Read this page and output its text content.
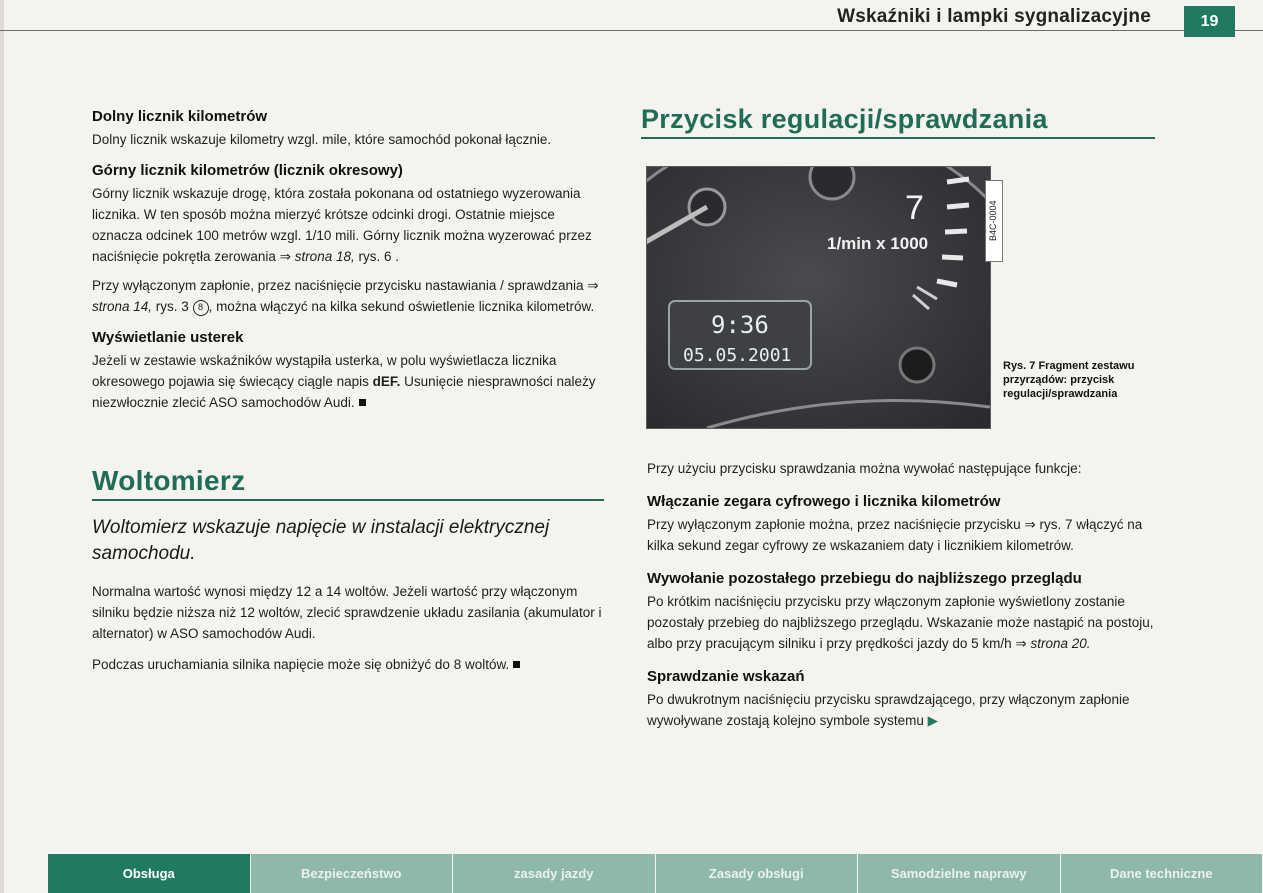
Wskaźniki i lampki sygnalizacyjne	19
Dolny licznik kilometrów

Dolny licznik wskazuje kilometry wzgl. mile, które samochód pokonał łącznie.

Górny licznik kilometrów (licznik okresowy)

Górny licznik wskazuje drogę, która została pokonana od ostatniego wyzerowania licznika. W ten sposób można mierzyć krótsze odcinki drogi. Ostatnie miejsce oznacza odcinek 100 metrów wzgl. 1/10 mili. Górny licznik można wyzerować przez naciśnięcie pokrętła zerowania ⇒ strona 18, rys. 6 .

Przy wyłączonym zapłonie, przez naciśnięcie przycisku nastawiania / sprawdzania ⇒ strona 14, rys. 3 8 , można włączyć na kilka sekund oświetlenie licznika kilometrów.

Wyświetlanie usterek

Jeżeli w zestawie wskaźników wystąpiła usterka, w polu wyświetlacza licznika okresowego pojawia się świecący ciągle napis dEF. Usunięcie niesprawności należy niezwłocznie zlecić ASO samochodów Audi.

Woltomierz
Woltomierz wskazuje napięcie w instalacji elektrycznej samochodu.

Normalna wartość wynosi między 12 a 14 woltów. Jeżeli wartość przy włączonym silniku będzie niższa niż 12 woltów, zlecić sprawdzenie układu zasilania (akumulator i alternator) w ASO samochodów Audi.

Podczas uruchamiania silnika napięcie może się obniżyć do 8 woltów.

Przycisk regulacji/sprawdzania
7
1/min x 1000
9:36
05.05.2001
B4C-0004
Rys. 7 Fragment zestawu przyrządów: przycisk regulacji/sprawdzania

Przy użyciu przycisku sprawdzania można wywołać następujące funkcje:

Włączanie zegara cyfrowego i licznika kilometrów

Przy wyłączonym zapłonie można, przez naciśnięcie przycisku ⇒ rys. 7 włączyć na kilka sekund zegar cyfrowy ze wskazaniem daty i licznikiem kilometrów.

Wywołanie pozostałego przebiegu do najbliższego przeglądu

Po krótkim naciśnięciu przycisku przy włączonym zapłonie wyświetlony zostanie pozostały przebieg do najbliższego przeglądu. Wskazanie może nastąpić na postoju, albo przy pracującym silniku i przy prędkości jazdy do 5 km/h ⇒ strona 20.

Sprawdzanie wskazań

Po dwukrotnym naciśnięciu przycisku sprawdzającego, przy włączonym zapłonie wywoływane zostają kolejno symbole systemu ▶

Obsługa	Bezpieczeństwo	zasady jazdy	Zasady obsługi	Samodzielne naprawy	Dane techniczne
